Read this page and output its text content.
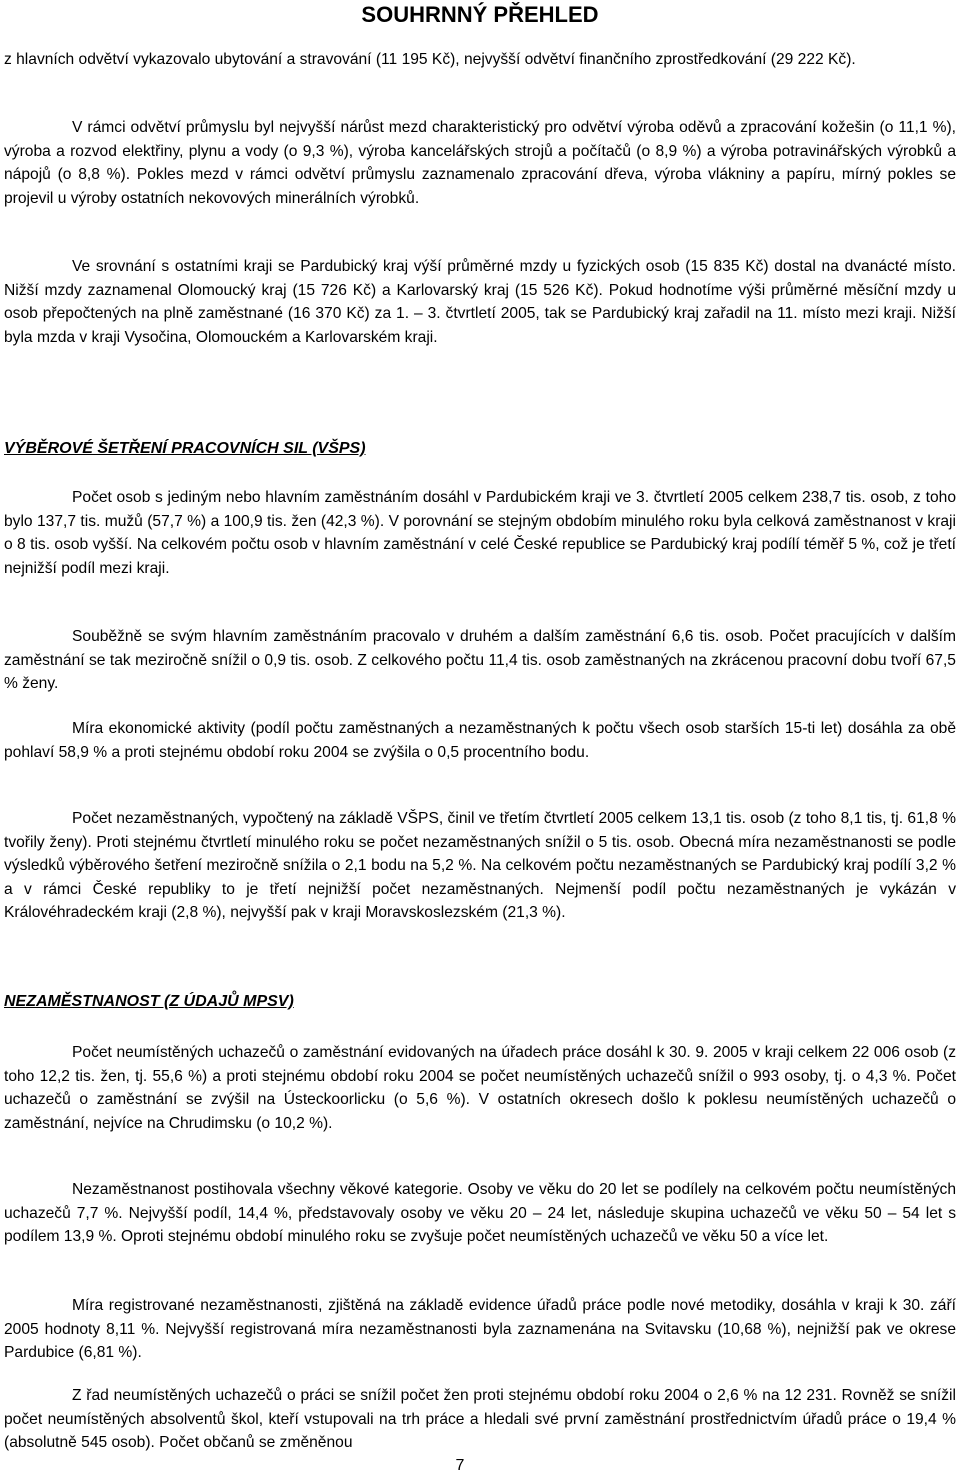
SOUHRNNÝ PŘEHLED

z hlavních odvětví vykazovalo ubytování a stravování (11 195 Kč), nejvyšší odvětví finančního zprostředkování (29 222 Kč).

V rámci odvětví průmyslu byl nejvyšší nárůst mezd charakteristický pro odvětví výroba oděvů a zpracování kožešin (o 11,1 %), výroba a rozvod elektřiny, plynu a vody (o 9,3 %), výroba kancelářských strojů a počítačů (o 8,9 %) a výroba potravinářských výrobků a nápojů (o 8,8 %). Pokles mezd v rámci odvětví průmyslu zaznamenalo zpracování dřeva, výroba vlákniny a papíru, mírný pokles se projevil u výroby ostatních nekovových minerálních výrobků.

Ve srovnání s ostatními kraji se Pardubický kraj výší průměrné mzdy u fyzických osob (15 835 Kč) dostal na dvanácté místo. Nižší mzdy zaznamenal Olomoucký kraj (15 726 Kč) a Karlovarský kraj (15 526 Kč). Pokud hodnotíme výši průměrné měsíční mzdy u osob přepočtených na plně zaměstnané (16 370 Kč) za 1. – 3. čtvrtletí 2005, tak se Pardubický kraj zařadil na 11. místo mezi kraji. Nižší byla mzda v kraji Vysočina, Olomouckém a Karlovarském kraji.

VÝBĚROVÉ ŠETŘENÍ PRACOVNÍCH SIL (VŠPS)

Počet osob s jediným nebo hlavním zaměstnáním dosáhl v Pardubickém kraji ve 3. čtvrtletí 2005 celkem 238,7 tis. osob, z toho bylo 137,7 tis. mužů (57,7 %) a 100,9 tis. žen (42,3 %). V porovnání se stejným obdobím minulého roku byla celková zaměstnanost v kraji o 8 tis. osob vyšší. Na celkovém počtu osob v hlavním zaměstnání v celé České republice se Pardubický kraj podílí téměř 5 %, což je třetí nejnižší podíl mezi kraji.

Souběžně se svým hlavním zaměstnáním pracovalo v druhém a dalším zaměstnání 6,6 tis. osob. Počet pracujících v dalším zaměstnání se tak meziročně snížil o 0,9 tis. osob. Z celkového počtu 11,4 tis. osob zaměstnaných na zkrácenou pracovní dobu tvoří 67,5 % ženy.

Míra ekonomické aktivity (podíl počtu zaměstnaných a nezaměstnaných k počtu všech osob starších 15-ti let) dosáhla za obě pohlaví 58,9 % a proti stejnému období roku 2004 se zvýšila o 0,5 procentního bodu.

Počet nezaměstnaných, vypočtený na základě VŠPS, činil ve třetím čtvrtletí 2005 celkem 13,1 tis. osob (z toho 8,1 tis, tj. 61,8 % tvořily ženy). Proti stejnému čtvrtletí minulého roku se počet nezaměstnaných snížil o 5 tis. osob. Obecná míra nezaměstnanosti se podle výsledků výběrového šetření meziročně snížila o 2,1 bodu na 5,2 %. Na celkovém počtu nezaměstnaných se Pardubický kraj podílí 3,2 % a v rámci České republiky to je třetí nejnižší počet nezaměstnaných. Nejmenší podíl počtu nezaměstnaných je vykázán v Královéhradeckém kraji (2,8 %), nejvyšší pak v kraji Moravskoslezském (21,3 %).

NEZAMĚSTNANOST (Z ÚDAJŮ MPSV)

Počet neumístěných uchazečů o zaměstnání evidovaných na úřadech práce dosáhl k 30. 9. 2005 v kraji celkem 22 006 osob (z toho 12,2 tis. žen, tj. 55,6 %) a proti stejnému období roku 2004 se počet neumístěných uchazečů snížil o 993 osoby, tj. o 4,3 %. Počet uchazečů o zaměstnání se zvýšil na Ústeckoorlicku (o 5,6 %). V ostatních okresech došlo k poklesu neumístěných uchazečů o zaměstnání, nejvíce na Chrudimsku (o 10,2 %).

Nezaměstnanost postihovala všechny věkové kategorie. Osoby ve věku do 20 let se podílely na celkovém počtu neumístěných uchazečů 7,7 %. Nejvyšší podíl, 14,4 %, představovaly osoby ve věku 20 – 24 let, následuje skupina uchazečů ve věku 50 – 54 let s podílem 13,9 %. Oproti stejnému období minulého roku se zvyšuje počet neumístěných uchazečů ve věku 50 a více let.

Míra registrované nezaměstnanosti, zjištěná na základě evidence úřadů práce podle nové metodiky, dosáhla v kraji k 30. září 2005 hodnoty 8,11 %. Nejvyšší registrovaná míra nezaměstnanosti byla zaznamenána na Svitavsku (10,68 %), nejnižší pak ve okrese Pardubice (6,81 %).

Z řad neumístěných uchazečů o práci se snížil počet žen proti stejnému období roku 2004 o 2,6 % na 12 231. Rovněž se snížil počet neumístěných absolventů škol, kteří vstupovali na trh práce a hledali své první zaměstnání prostřednictvím úřadů práce o 19,4 % (absolutně 545 osob). Počet občanů se změněnou

7
